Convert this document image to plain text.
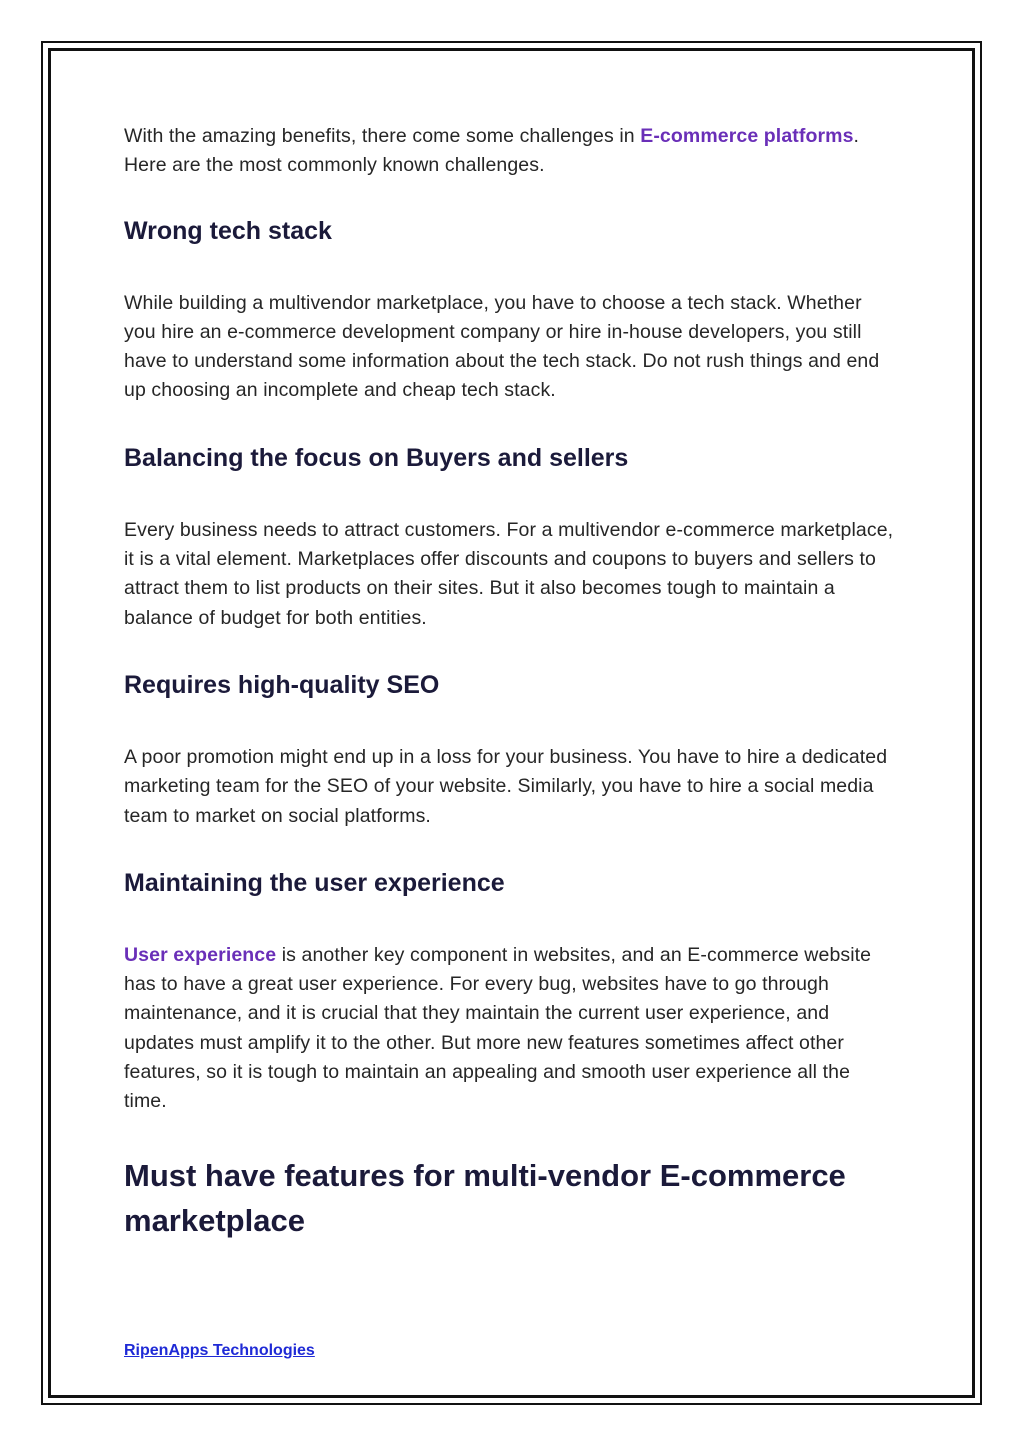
With the amazing benefits, there come some challenges in E-commerce platforms. Here are the most commonly known challenges.

Wrong tech stack

While building a multivendor marketplace, you have to choose a tech stack. Whether you hire an e-commerce development company or hire in-house developers, you still have to understand some information about the tech stack. Do not rush things and end up choosing an incomplete and cheap tech stack.

Balancing the focus on Buyers and sellers

Every business needs to attract customers. For a multivendor e-commerce marketplace, it is a vital element. Marketplaces offer discounts and coupons to buyers and sellers to attract them to list products on their sites. But it also becomes tough to maintain a balance of budget for both entities.

Requires high-quality SEO

A poor promotion might end up in a loss for your business. You have to hire a dedicated marketing team for the SEO of your website. Similarly, you have to hire a social media team to market on social platforms.

Maintaining the user experience

User experience is another key component in websites, and an E-commerce website has to have a great user experience. For every bug, websites have to go through maintenance, and it is crucial that they maintain the current user experience, and updates must amplify it to the other. But more new features sometimes affect other features, so it is tough to maintain an appealing and smooth user experience all the time.

Must have features for multi-vendor E-commerce marketplace
RipenApps Technologies
